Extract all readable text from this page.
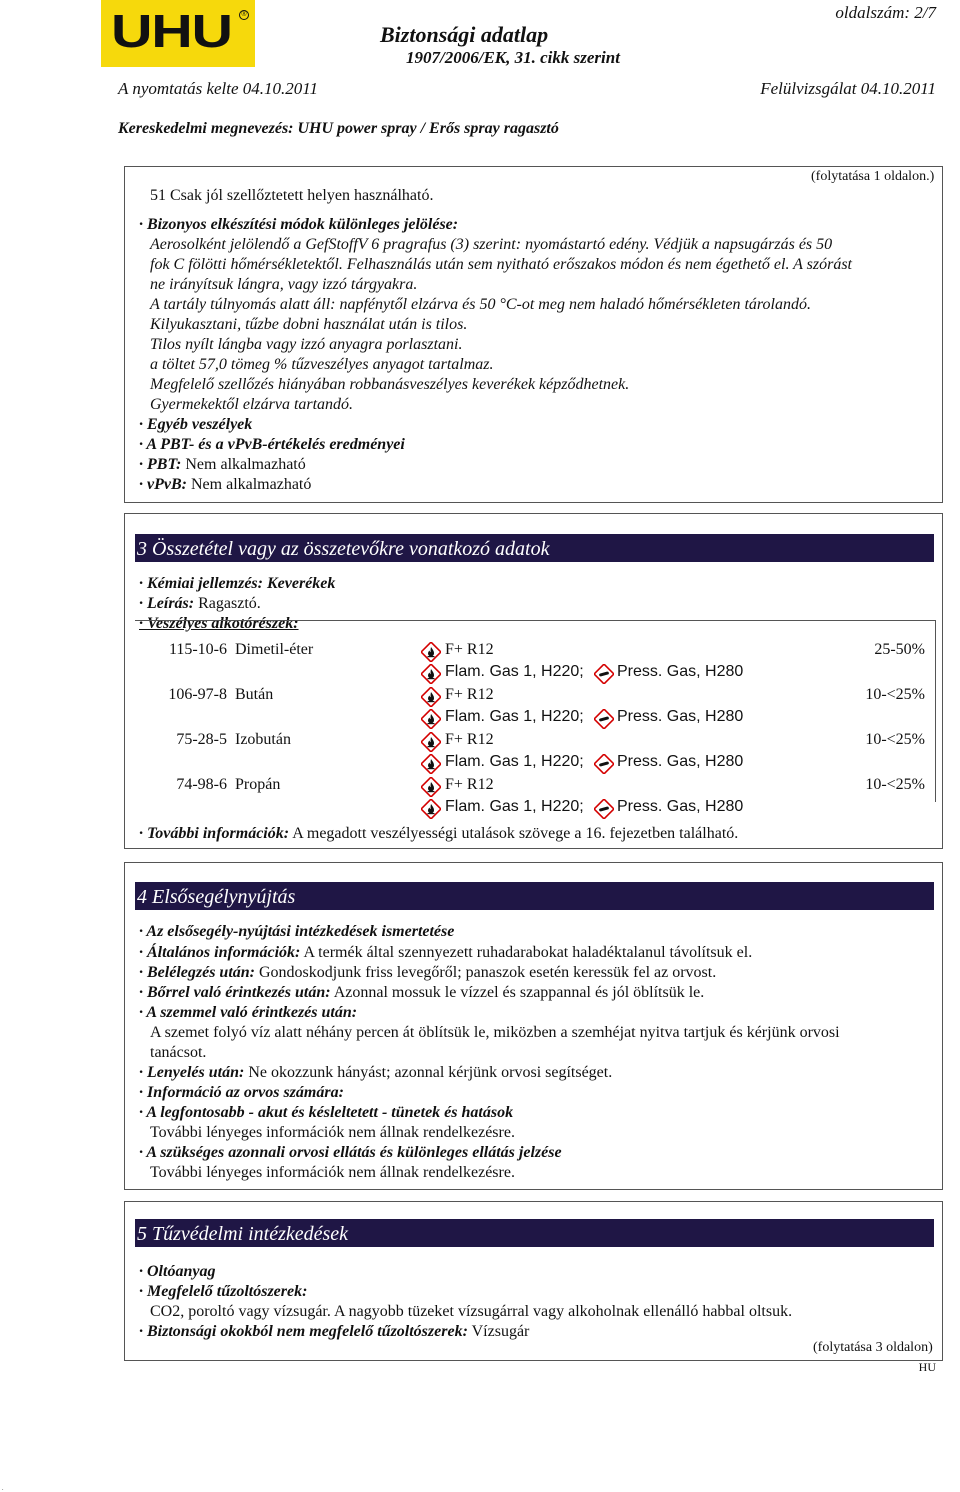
UHU	®
Biztonsági adatlap
1907/2006/EK, 31. cikk szerint
oldalszám: 2/7
A nyomtatás kelte 04.10.2011	Felülvizsgálat 04.10.2011
Kereskedelmi megnevezés: UHU power spray / Erős spray ragasztó
(folytatása 1 oldalon.)
51 Csak jól szellőztetett helyen használható.
· Bizonyos elkészítési módok különleges jelölése:
Aerosolként jelölendő a GefStoffV 6 pragrafus (3) szerint: nyomástartó edény. Védjük a napsugárzás és 50
fok C fölötti hőmérsékletektől. Felhasználás után sem nyitható erőszakos módon és nem égethető el. A szórást
ne irányítsuk lángra, vagy izzó tárgyakra.
A tartály túlnyomás alatt áll: napfénytől elzárva és 50 °C-ot meg nem haladó hőmérsékleten tárolandó.
Kilyukasztani, tűzbe dobni használat után is tilos.
Tilos nyílt lángba vagy izzó anyagra porlasztani.
a töltet 57,0 tömeg % tűzveszélyes anyagot tartalmaz.
Megfelelő szellőzés hiányában robbanásveszélyes keverékek képződhetnek.
Gyermekektől elzárva tartandó.
· Egyéb veszélyek
· A PBT- és a vPvB-értékelés eredményei
· PBT: Nem alkalmazható
· vPvB: Nem alkalmazható
3 Összetétel vagy az összetevőkre vonatkozó adatok
· Kémiai jellemzés: Keverékek
· Leírás: Ragasztó.
· Veszélyes alkotórészek:
115-10-6 Dimetil-éter	F+ R12
Flam. Gas 1, H220; Press. Gas, H280
25-50%
106-97-8 Bután	F+ R12
Flam. Gas 1, H220; Press. Gas, H280
10-<25%
75-28-5 Izobután	F+ R12
Flam. Gas 1, H220; Press. Gas, H280
10-<25%
74-98-6 Propán	F+ R12
Flam. Gas 1, H220; Press. Gas, H280
10-<25%
· További információk: A megadott veszélyességi utalások szövege a 16. fejezetben található.
4 Elsősegélynyújtás
· Az elsősegély-nyújtási intézkedések ismertetése
· Általános információk: A termék által szennyezett ruhadarabokat haladéktalanul távolítsuk el.
· Belélegzés után: Gondoskodjunk friss levegőről; panaszok esetén keressük fel az orvost.
· Bőrrel való érintkezés után: Azonnal mossuk le vízzel és szappannal és jól öblítsük le.
· A szemmel való érintkezés után:
A szemet folyó víz alatt néhány percen át öblítsük le, miközben a szemhéjat nyitva tartjuk és kérjünk orvosi
tanácsot.
· Lenyelés után: Ne okozzunk hányást; azonnal kérjünk orvosi segítséget.
· Információ az orvos számára:
· A legfontosabb - akut és késleltetett - tünetek és hatások
További lényeges információk nem állnak rendelkezésre.
· A szükséges azonnali orvosi ellátás és különleges ellátás jelzése
További lényeges információk nem állnak rendelkezésre.
5 Tűzvédelmi intézkedések
· Oltóanyag
· Megfelelő tűzoltószerek:
CO2, poroltó vagy vízsugár. A nagyobb tüzeket vízsugárral vagy alkoholnak ellenálló habbal oltsuk.
· Biztonsági okokból nem megfelelő tűzoltószerek: Vízsugár
(folytatása 3 oldalon)
HU
.
